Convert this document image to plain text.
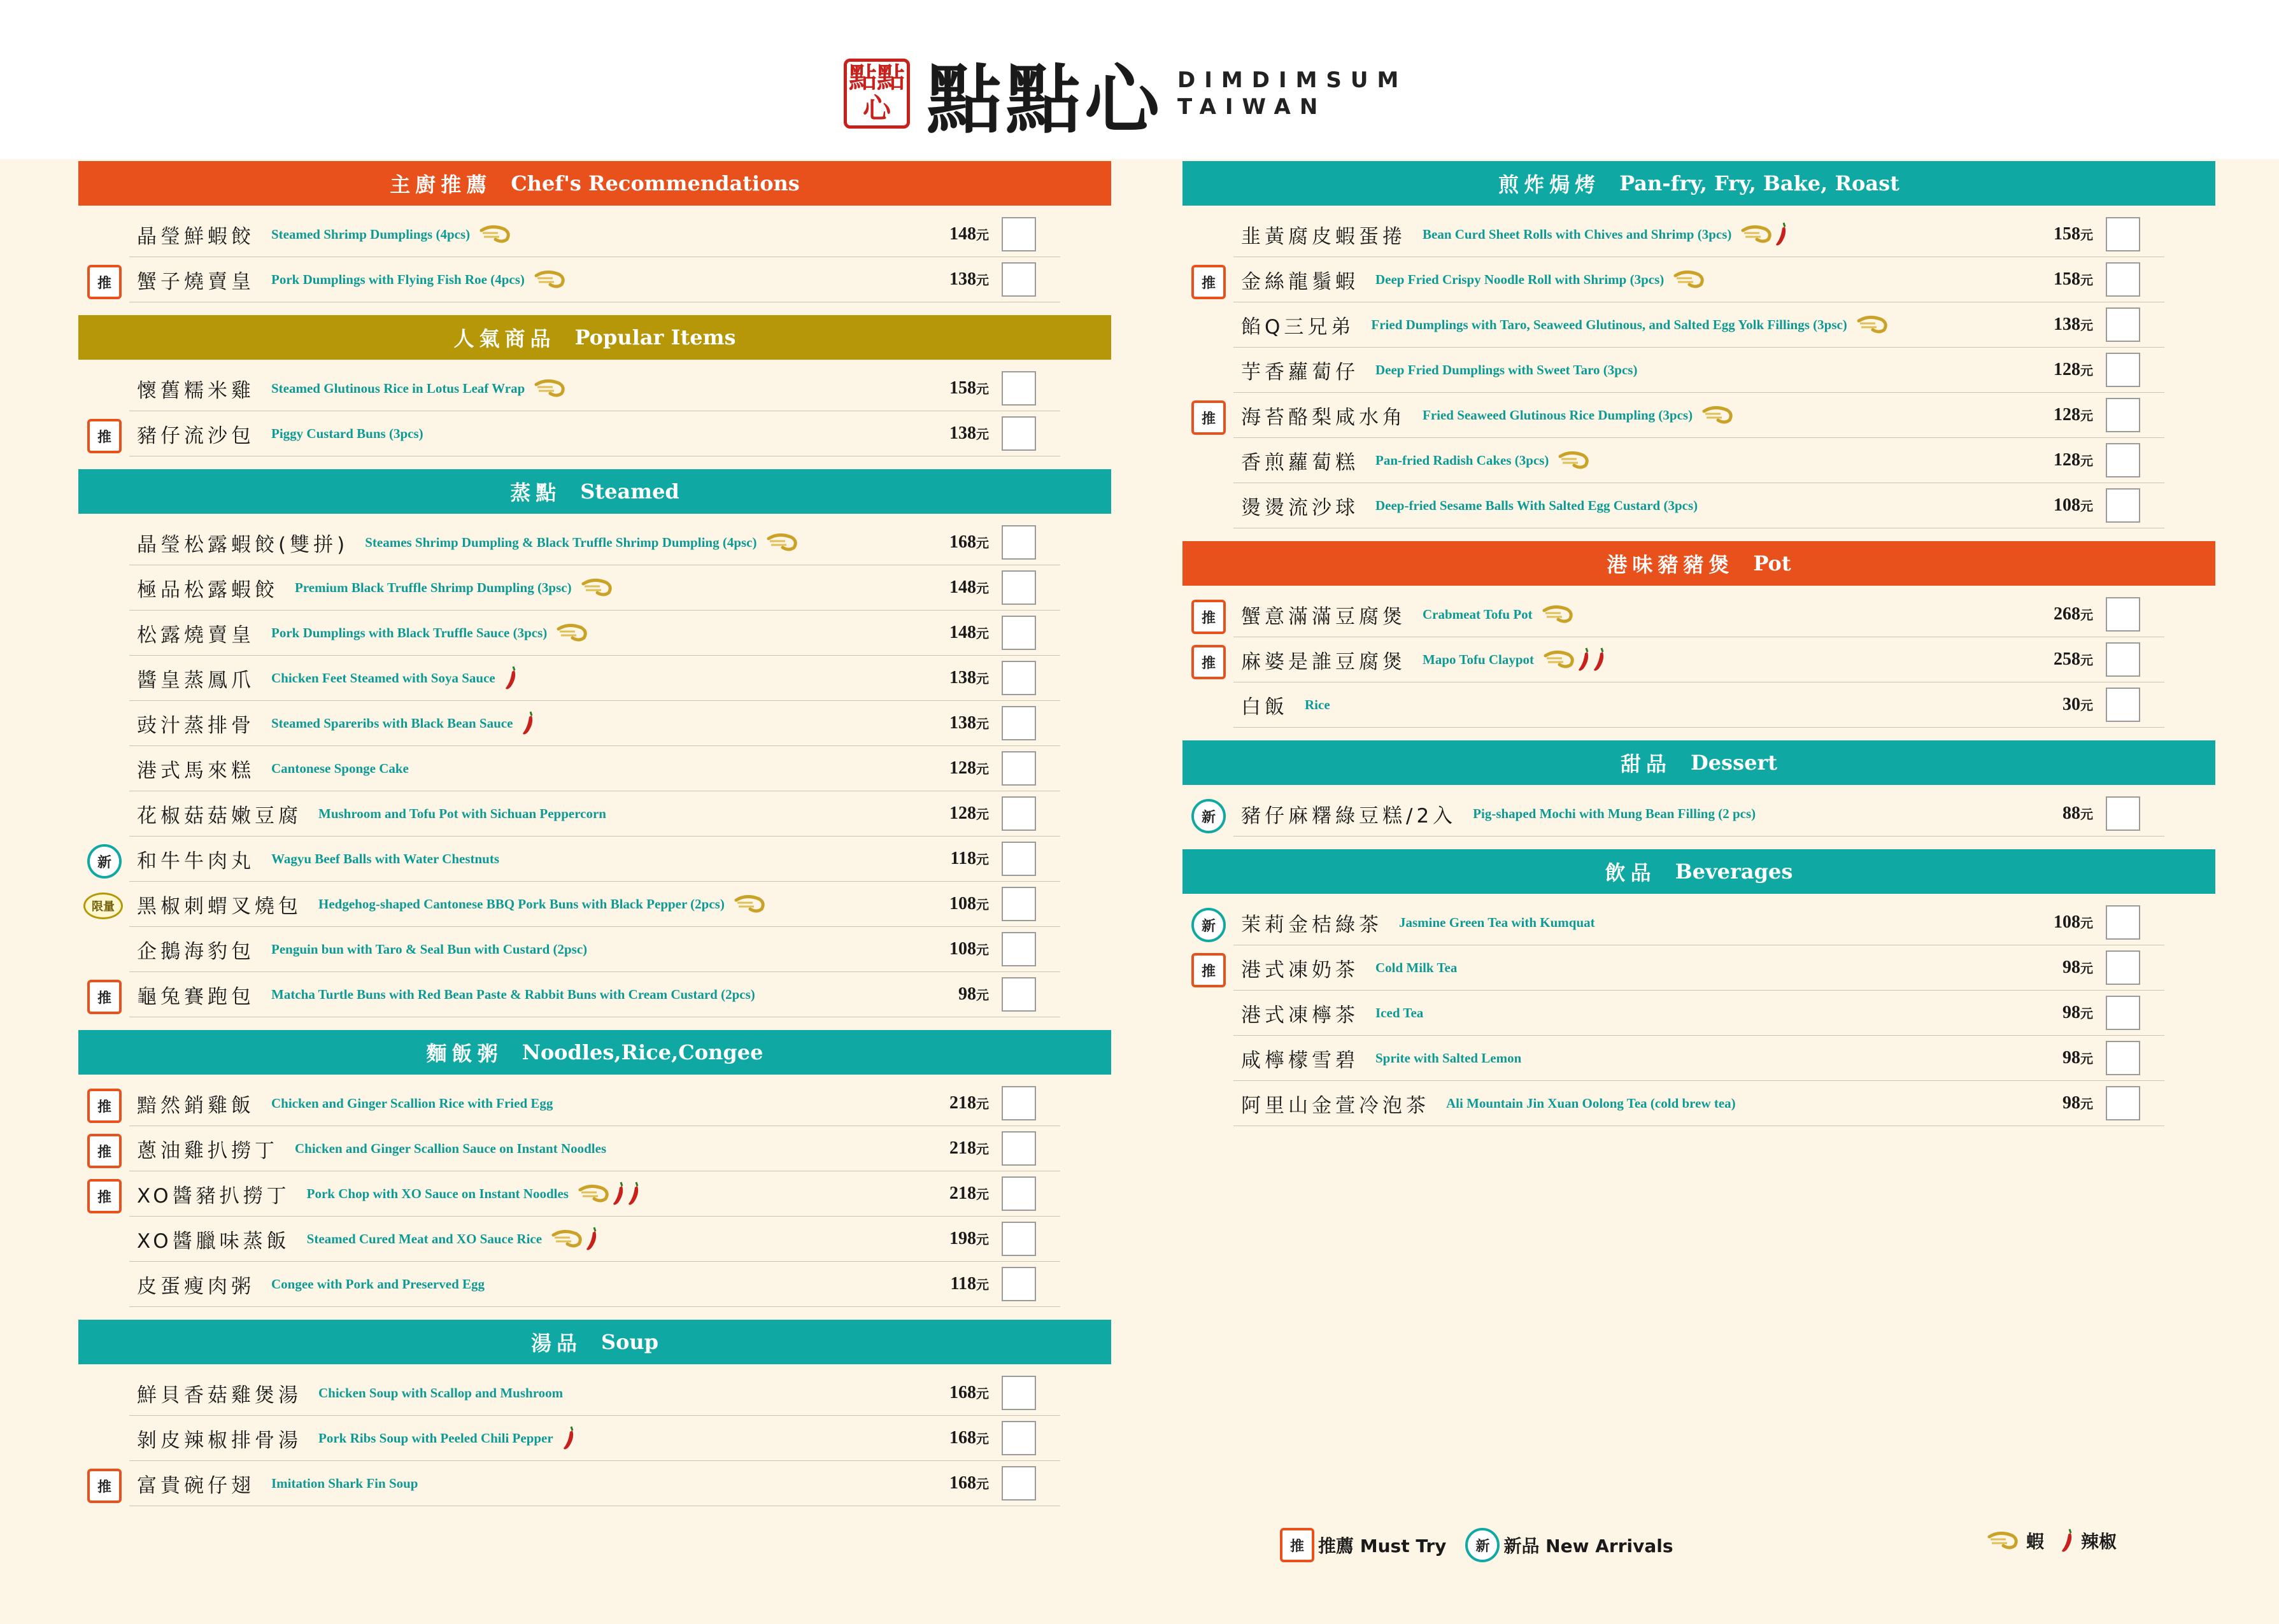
點點心 點點心 DIMDIMSUM
TAIWAN
主廚推薦 Chef's Recommendations
晶瑩鮮蝦餃 Steamed Shrimp Dumplings (4pcs)	148元
推	蟹子燒賣皇 Pork Dumplings with Flying Fish Roe (4pcs)	138元
人氣商品 Popular Items
懷舊糯米雞 Steamed Glutinous Rice in Lotus Leaf Wrap	158元
推	豬仔流沙包 Piggy Custard Buns (3pcs)	138元
蒸點 Steamed
晶瑩松露蝦餃(雙拼) Steames Shrimp Dumpling & Black Truffle Shrimp Dumpling (4psc)	168元
極品松露蝦餃 Premium Black Truffle Shrimp Dumpling (3psc)	148元
松露燒賣皇 Pork Dumplings with Black Truffle Sauce (3pcs)	148元
醬皇蒸鳳爪 Chicken Feet Steamed with Soya Sauce	138元
豉汁蒸排骨 Steamed Spareribs with Black Bean Sauce	138元
港式馬來糕 Cantonese Sponge Cake	128元
花椒菇菇嫩豆腐 Mushroom and Tofu Pot with Sichuan Peppercorn	128元
新	和牛牛肉丸 Wagyu Beef Balls with Water Chestnuts	118元
限量	黑椒刺蝟叉燒包 Hedgehog-shaped Cantonese BBQ Pork Buns with Black Pepper (2pcs)	108元
企鵝海豹包 Penguin bun with Taro & Seal Bun with Custard (2psc)	108元
推	龜兔賽跑包 Matcha Turtle Buns with Red Bean Paste & Rabbit Buns with Cream Custard (2pcs)	98元
麵飯粥 Noodles,Rice,Congee
推	黯然銷雞飯 Chicken and Ginger Scallion Rice with Fried Egg	218元
推	蔥油雞扒撈丁 Chicken and Ginger Scallion Sauce on Instant Noodles	218元
推	XO醬豬扒撈丁 Pork Chop with XO Sauce on Instant Noodles	218元
XO醬臘味蒸飯 Steamed Cured Meat and XO Sauce Rice	198元
皮蛋瘦肉粥 Congee with Pork and Preserved Egg	118元
湯品 Soup
鮮貝香菇雞煲湯 Chicken Soup with Scallop and Mushroom	168元
剝皮辣椒排骨湯 Pork Ribs Soup with Peeled Chili Pepper	168元
推	富貴碗仔翅 Imitation Shark Fin Soup	168元
煎炸焗烤 Pan-fry, Fry, Bake, Roast
韭黃腐皮蝦蛋捲 Bean Curd Sheet Rolls with Chives and Shrimp (3pcs)	158元
推	金絲龍鬚蝦 Deep Fried Crispy Noodle Roll with Shrimp (3pcs)	158元
餡Q三兄弟 Fried Dumplings with Taro, Seaweed Glutinous, and Salted Egg Yolk Fillings (3psc)	138元
芋香蘿蔔仔 Deep Fried Dumplings with Sweet Taro (3pcs)	128元
推	海苔酪梨咸水角 Fried Seaweed Glutinous Rice Dumpling (3pcs)	128元
香煎蘿蔔糕 Pan-fried Radish Cakes (3pcs)	128元
燙燙流沙球 Deep-fried Sesame Balls With Salted Egg Custard (3pcs)	108元
港味豬豬煲 Pot
推	蟹意滿滿豆腐煲 Crabmeat Tofu Pot	268元
推	麻婆是誰豆腐煲 Mapo Tofu Claypot	258元
白飯 Rice	30元
甜品 Dessert
新	豬仔麻糬綠豆糕/2入 Pig-shaped Mochi with Mung Bean Filling (2 pcs)	88元
飲品 Beverages
新	茉莉金桔綠茶 Jasmine Green Tea with Kumquat	108元
推	港式凍奶茶 Cold Milk Tea	98元
港式凍檸茶 Iced Tea	98元
咸檸檬雪碧 Sprite with Salted Lemon	98元
阿里山金萱冷泡茶 Ali Mountain Jin Xuan Oolong Tea (cold brew tea)	98元
推 推薦 Must Try	新 新品 New Arrivals	蝦 辣椒
